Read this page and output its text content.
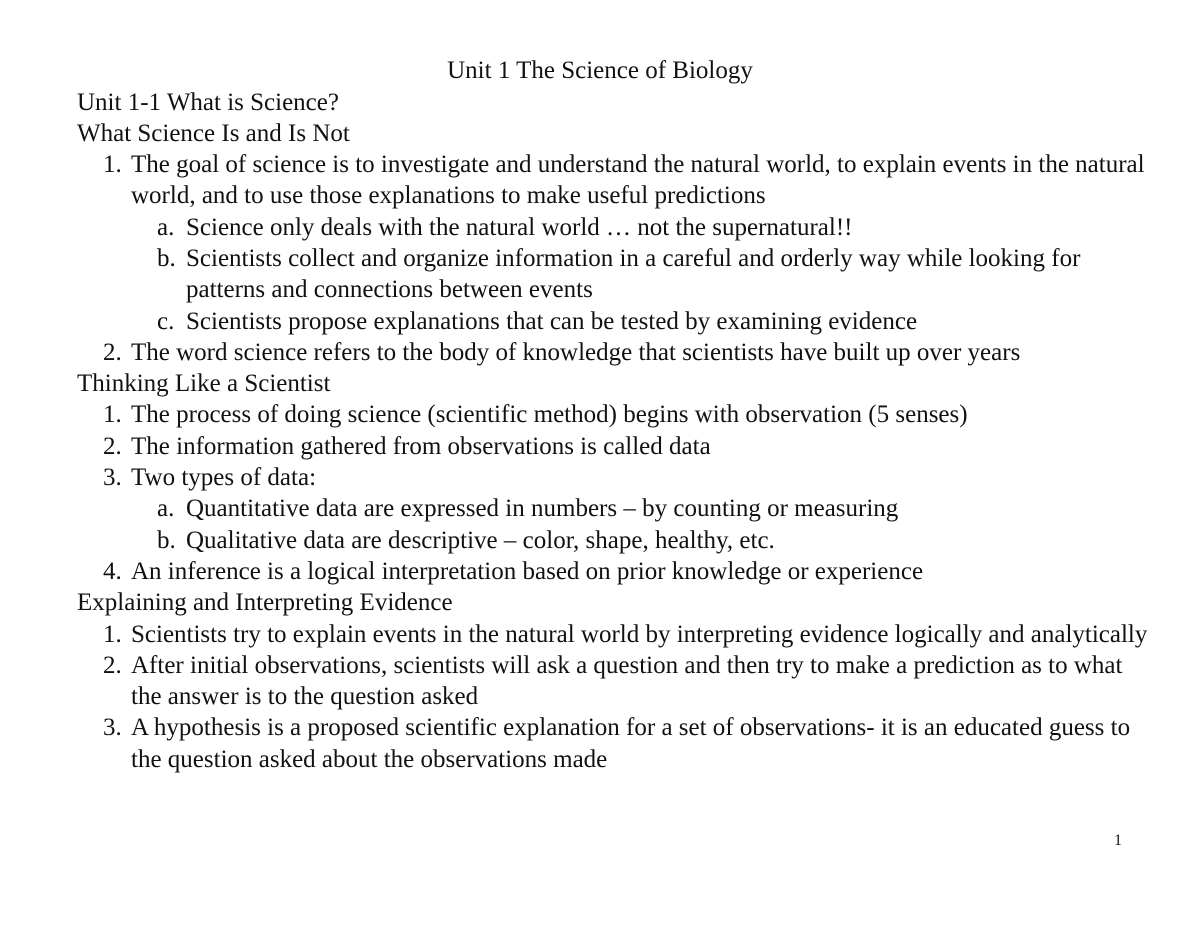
Unit 1 The Science of Biology
Unit 1-1 What is Science?
What Science Is and Is Not
1. The goal of science is to investigate and understand the natural world, to explain events in the natural world, and to use those explanations to make useful predictions
a. Science only deals with the natural world … not the supernatural!!
b. Scientists collect and organize information in a careful and orderly way while looking for patterns and connections between events
c. Scientists propose explanations that can be tested by examining evidence
2. The word science refers to the body of knowledge that scientists have built up over years
Thinking Like a Scientist
1. The process of doing science (scientific method) begins with observation (5 senses)
2. The information gathered from observations is called data
3. Two types of data:
a. Quantitative data are expressed in numbers – by counting or measuring
b. Qualitative data are descriptive – color, shape, healthy, etc.
4. An inference is a logical interpretation based on prior knowledge or experience
Explaining and Interpreting Evidence
1. Scientists try to explain events in the natural world by interpreting evidence logically and analytically
2. After initial observations, scientists will ask a question and then try to make a prediction as to what the answer is to the question asked
3. A hypothesis is a proposed scientific explanation for a set of observations- it is an educated guess to the question asked about the observations made
1
